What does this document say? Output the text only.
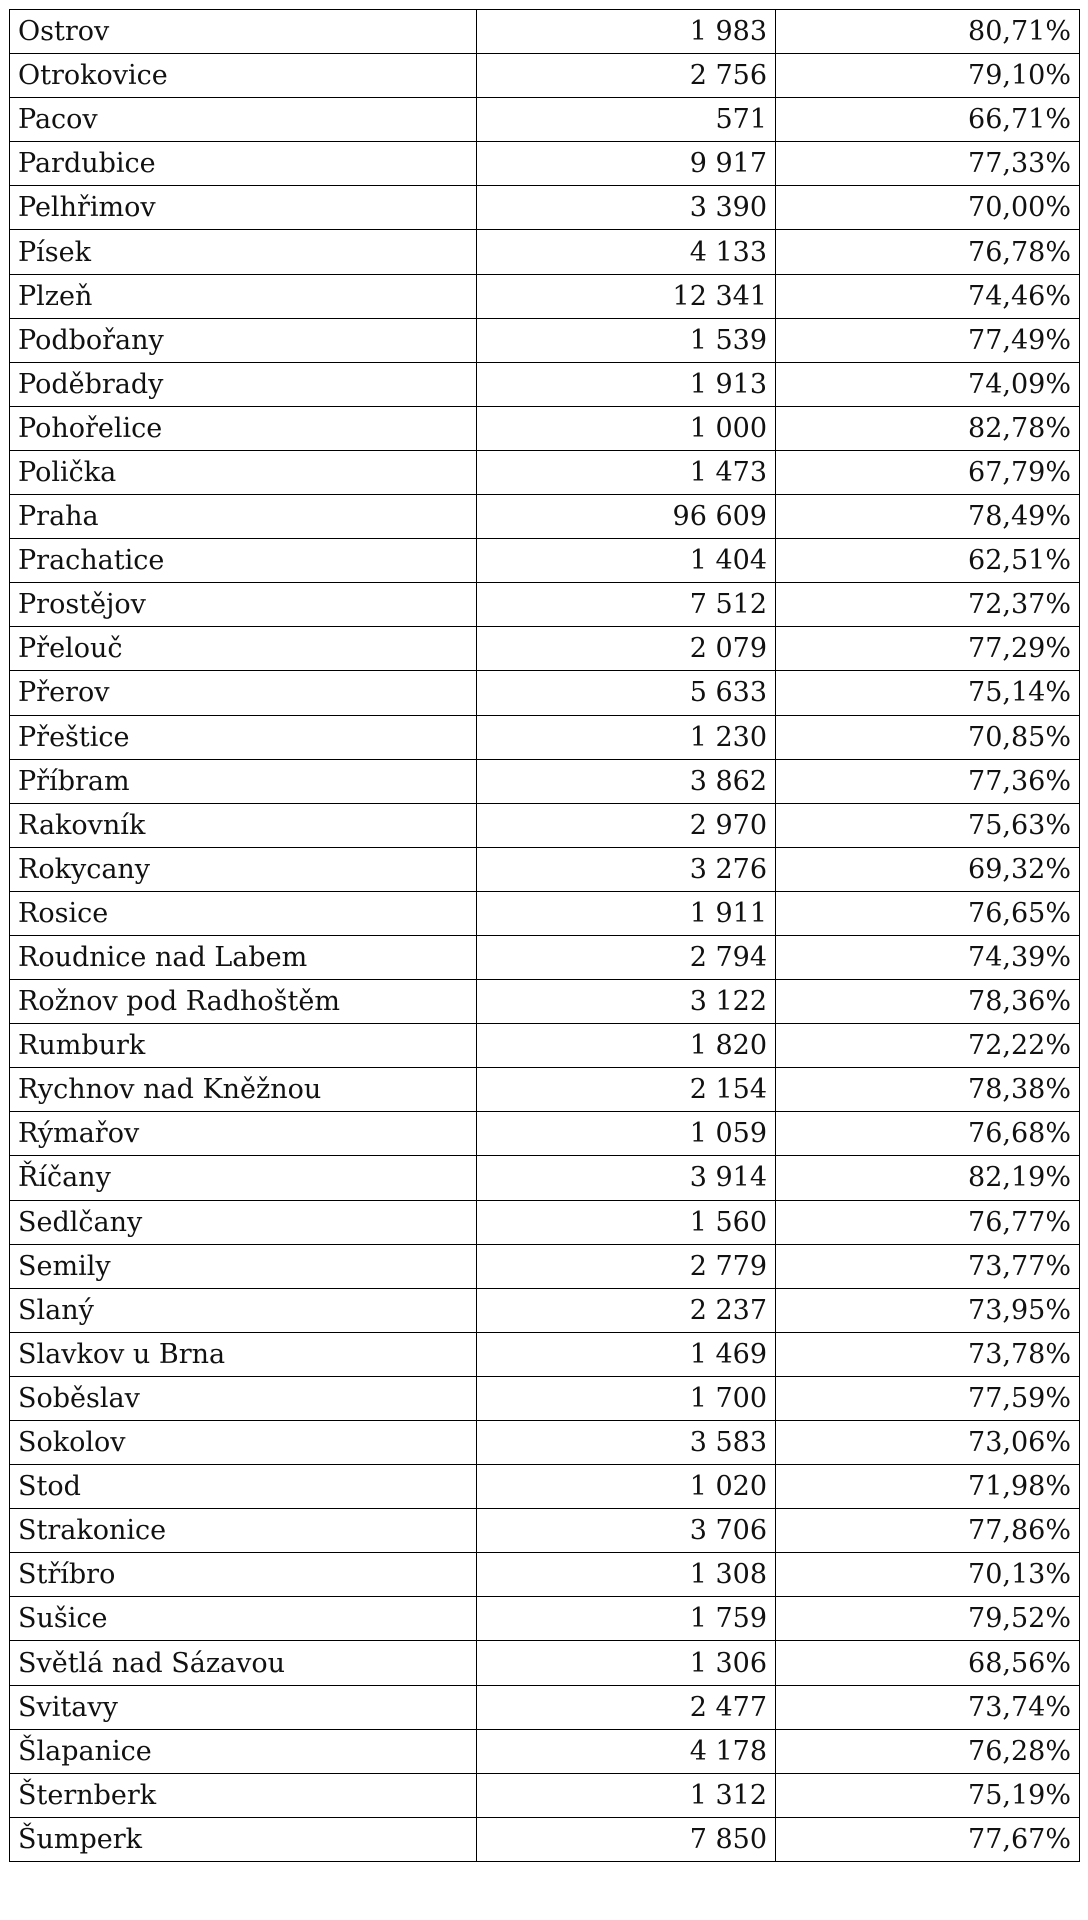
Ostrov	1 983	80,71%
Otrokovice	2 756	79,10%
Pacov	571	66,71%
Pardubice	9 917	77,33%
Pelhřimov	3 390	70,00%
Písek	4 133	76,78%
Plzeň	12 341	74,46%
Podbořany	1 539	77,49%
Poděbrady	1 913	74,09%
Pohořelice	1 000	82,78%
Polička	1 473	67,79%
Praha	96 609	78,49%
Prachatice	1 404	62,51%
Prostějov	7 512	72,37%
Přelouč	2 079	77,29%
Přerov	5 633	75,14%
Přeštice	1 230	70,85%
Příbram	3 862	77,36%
Rakovník	2 970	75,63%
Rokycany	3 276	69,32%
Rosice	1 911	76,65%
Roudnice nad Labem	2 794	74,39%
Rožnov pod Radhoštěm	3 122	78,36%
Rumburk	1 820	72,22%
Rychnov nad Kněžnou	2 154	78,38%
Rýmařov	1 059	76,68%
Říčany	3 914	82,19%
Sedlčany	1 560	76,77%
Semily	2 779	73,77%
Slaný	2 237	73,95%
Slavkov u Brna	1 469	73,78%
Soběslav	1 700	77,59%
Sokolov	3 583	73,06%
Stod	1 020	71,98%
Strakonice	3 706	77,86%
Stříbro	1 308	70,13%
Sušice	1 759	79,52%
Světlá nad Sázavou	1 306	68,56%
Svitavy	2 477	73,74%
Šlapanice	4 178	76,28%
Šternberk	1 312	75,19%
Šumperk	7 850	77,67%
